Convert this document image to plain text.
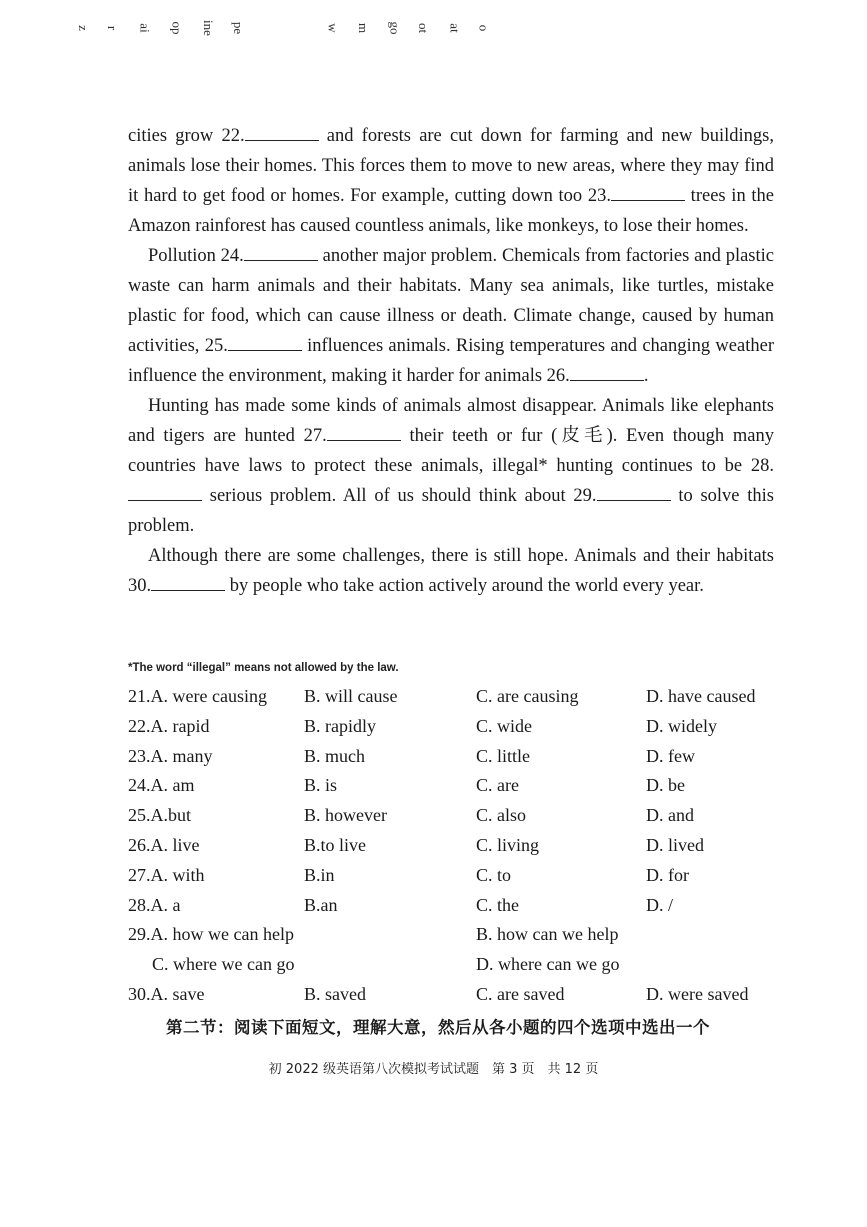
z r ai op ine pe	w m go ot at o

cities grow 22.	and forests are cut down for farming and new buildings, animals lose their homes. This forces them to move to new areas, where they may find it hard to get food or homes. For example, cutting down too 23.	trees in the Amazon rainforest has caused countless animals, like monkeys, to lose their homes.

Pollution 24.	another major problem. Chemicals from factories and plastic waste can harm animals and their habitats. Many sea animals, like turtles, mistake plastic for food, which can cause illness or death. Climate change, caused by human activities, 25.	influences animals. Rising temperatures and changing weather influence the environment, making it harder for animals 26.	.

Hunting has made some kinds of animals almost disappear. Animals like elephants and tigers are hunted 27.	their teeth or fur (皮毛). Even though many countries have laws to protect these animals, illegal* hunting continues to be 28. serious problem. All of us should think about 29.	to solve this problem.

Although there are some challenges, there is still hope. Animals and their habitats 30.	by people who take action actively around the world every year.

*The word “illegal” means not allowed by the law.
21.A. were causing B. will cause	C. are causing	D. have caused
22.A. rapid	B. rapidly	C. wide	D. widely
23.A. many	B. much	C. little	D. few
24.A. am	B. is	C. are	D. be
25.A.but	B. however	C. also	D. and
26.A. live	B.to live	C. living	D. lived
27.A. with	B.in	C. to	D. for
28.A. a	B.an	C. the	D. /
29.A. how we can help	B. how can we help
C. where we can go	D. where can we go
30.A. save	B. saved	C. are saved	D. were saved
第二节：阅读下面短文，理解大意，然后从各小题的四个选项中选出一个
初 2022 级英语第八次模拟考试试题　第 3 页　共 12 页
